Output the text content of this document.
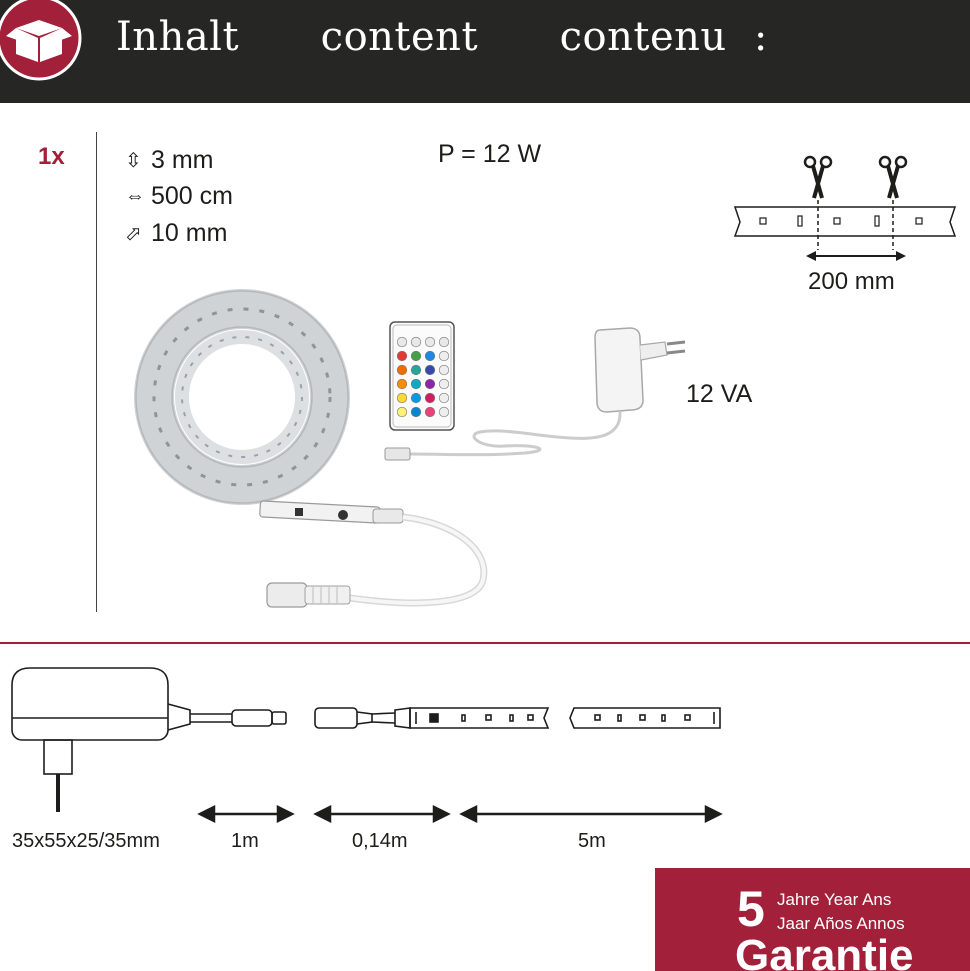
Inhalt   content   contenu :
1x	⇳ 3 mm
⇔ 500 cm
⬀ 10 mm
P = 12 W
200 mm
12 VA
35x55x25/35mm	1m	0,14m	5m
5 Jahre Year Ans
Jaar Años Annos
Garantie
